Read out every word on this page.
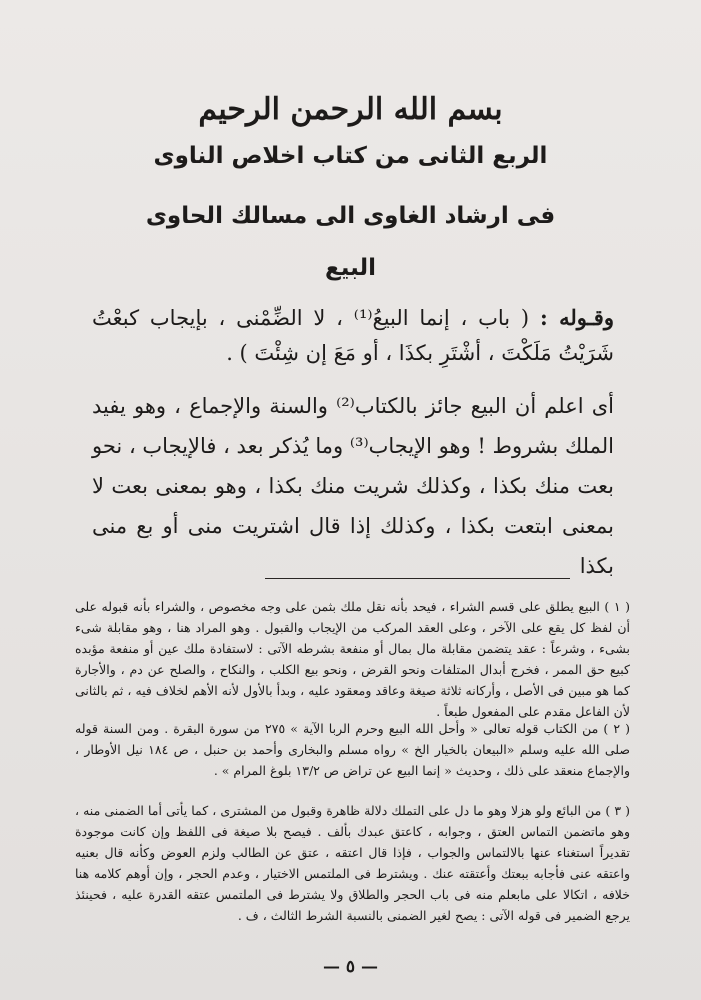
بسم الله الرحمن الرحيم
الربع الثانى من كتاب اخلاص الناوى
فى ارشاد الغاوى الى مسالك الحاوى
البيع

وقـوله : ( باب ، إنما البيعُ⁽¹⁾ ، لا الضِّمْنى ، بإيجاب كبعْتُ شَرَيْتُ مَلَكْتَ ، أشْتَرِ بكذَا ، أو مَعَ إن شِئْتَ ) .

أى اعلم أن البيع جائز بالكتاب⁽²⁾ والسنة والإجماع ، وهو يفيد الملك بشروط ! وهو الإيجاب⁽³⁾ وما يُذكر بعد ، فالإيجاب ، نحو بعت منك بكذا ، وكذلك شريت منك بكذا ، وهو بمعنى بعت لا بمعنى ابتعت بكذا ، وكذلك إذا قال اشتريت منى أو بع منى بكذا

( ١ ) البيع يطلق على قسم الشراء ، فيحد بأنه نقل ملك بثمن على وجه مخصوص ، والشراء بأنه قبوله على أن لفظ كل يقع على الآخر ، وعلى العقد المركب من الإيجاب والقبول . وهو المراد هنا ، وهو مقابلة شىء بشىء ، وشرعاً : عقد يتضمن مقابلة مال بمال أو منفعة بشرطه الآتى : لاستفادة ملك عين أو منفعة مؤبده كبيع حق الممر ، فخرج أبدال المتلفات ونحو القرض ، ونحو بيع الكلب ، والنكاح ، والصلح عن دم ، والأجارة كما هو مبين فى الأصل ، وأركانه ثلاثة صيغة وعاقد ومعقود عليه ، وبدأ بالأول لأنه الأهم لخلاف فيه ، ثم بالثانى لأن الفاعل مقدم على المفعول طبعاً .

( ٢ ) من الكتاب قوله تعالى « وأحل الله البيع وحرم الربا الآية » ٢٧٥ من سورة البقرة . ومن السنة قوله صلى الله عليه وسلم «البيعان بالخيار الخ » رواه مسلم والبخارى وأحمد بن حنبل ، ص ١٨٤ نيل الأوطار ، والإجماع منعقد على ذلك ، وحديث « إنما البيع عن تراض ص ١٣/٢ بلوغ المرام » .

( ٣ ) من البائع ولو هزلا وهو ما دل على التملك دلالة ظاهرة وقبول من المشترى ، كما يأتى أما الضمنى منه ، وهو ماتضمن التماس العتق ، وجوابه ، كاعتق عبدك بألف . فيصح بلا صيغة فى اللفظ وإن كانت موجودة تقديراً استغناء عنها بالالتماس والجواب ، فإذا قال اعتقه ، عتق عن الطالب ولزم العوض وكأنه قال بعنيه واعتقه عنى فأجابه ببعتك وأعتقته عنك . ويشترط فى الملتمس الاختيار ، وعدم الحجر ، وإن أوهم كلامه هنا خلافه ، اتكالا على مابعلم منه فى باب الحجر والطلاق ولا يشترط فى الملتمس عتقه القدرة عليه ، فحينئذ يرجع الضمير فى قوله الآتى : يصح لغير الضمنى بالنسبة الشرط الثالث ، ف .

— ٥ —
